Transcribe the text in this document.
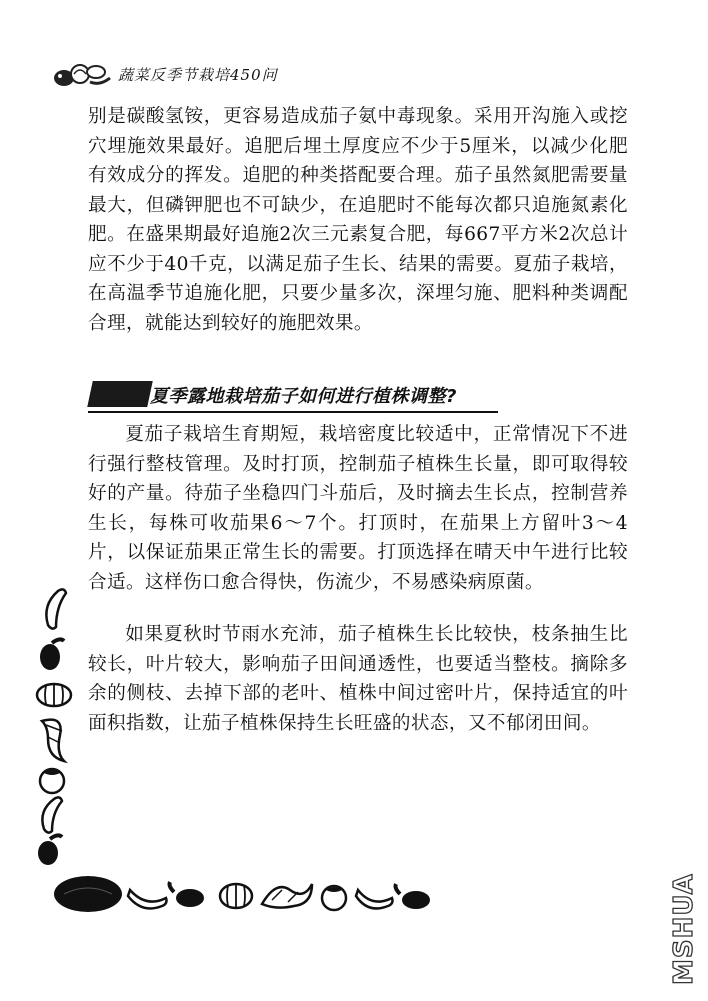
蔬菜反季节栽培450问

别是碳酸氢铵，更容易造成茄子氨中毒现象。采用开沟施入或挖穴埋施效果最好。追肥后埋土厚度应不少于5厘米，以减少化肥有效成分的挥发。追肥的种类搭配要合理。茄子虽然氮肥需要量最大，但磷钾肥也不可缺少，在追肥时不能每次都只追施氮素化肥。在盛果期最好追施2次三元素复合肥，每667平方米2次总计应不少于40千克，以满足茄子生长、结果的需要。夏茄子栽培，在高温季节追施化肥，只要少量多次，深埋匀施、肥料种类调配合理，就能达到较好的施肥效果。

夏季露地栽培茄子如何进行植株调整?

夏茄子栽培生育期短，栽培密度比较适中，正常情况下不进行强行整枝管理。及时打顶，控制茄子植株生长量，即可取得较好的产量。待茄子坐稳四门斗茄后，及时摘去生长点，控制营养生长，每株可收茄果6～7个。打顶时，在茄果上方留叶3～4片，以保证茄果正常生长的需要。打顶选择在晴天中午进行比较合适。这样伤口愈合得快，伤流少，不易感染病原菌。

如果夏秋时节雨水充沛，茄子植株生长比较快，枝条抽生比较长，叶片较大，影响茄子田间通透性，也要适当整枝。摘除多余的侧枝、去掉下部的老叶、植株中间过密叶片，保持适宜的叶面积指数，让茄子植株保持生长旺盛的状态，又不郁闭田间。

MSHUA
